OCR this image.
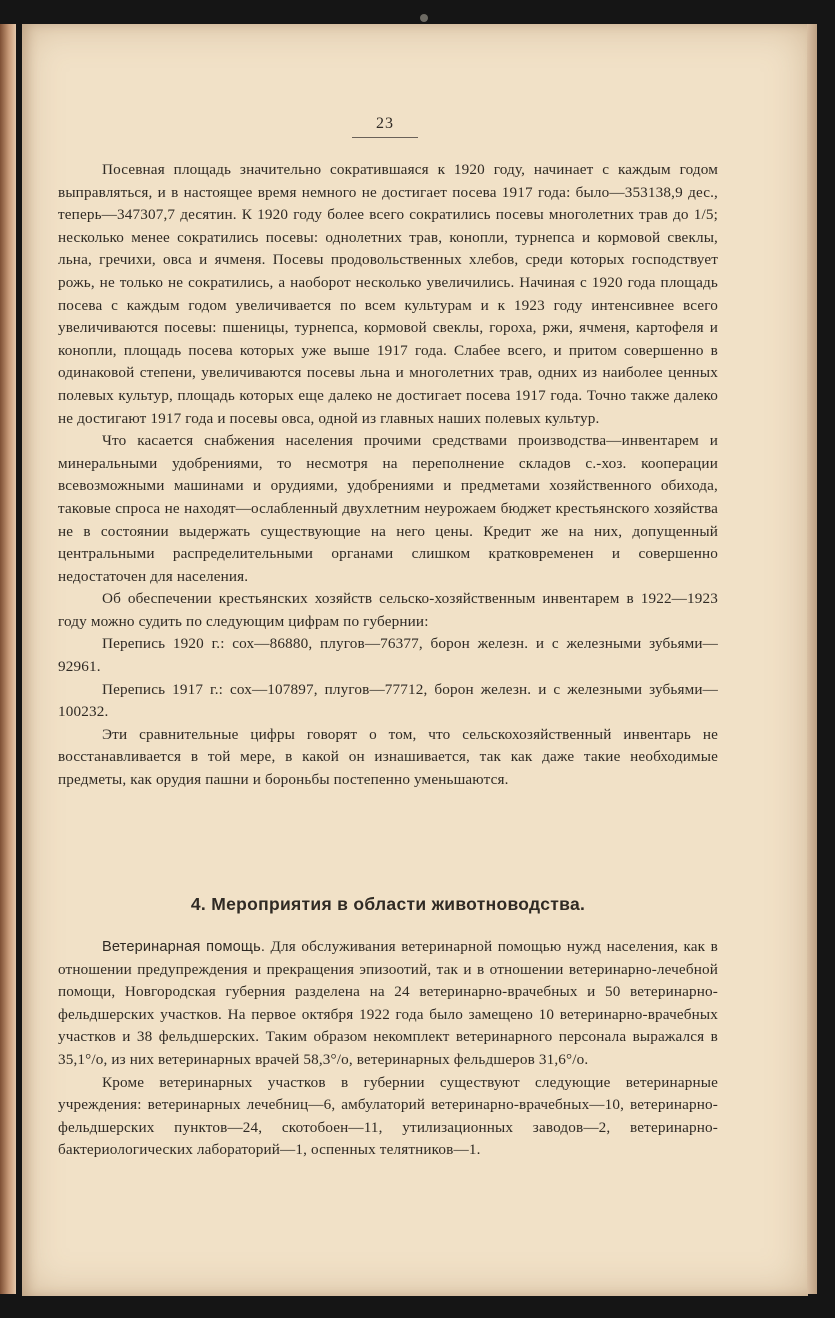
23

Посевная площадь значительно сократившаяся к 1920 году, начинает с каждым годом выправляться, и в настоящее время немного не достигает посева 1917 года: было—353138,9 дес., теперь—347307,7 десятин. К 1920 году более всего сократились посевы многолетних трав до 1/5; несколько менее сократились посевы: однолетних трав, конопли, турнепса и кормовой свеклы, льна, гречихи, овса и ячменя. Посевы продовольственных хлебов, среди которых господствует рожь, не только не сократились, а наоборот несколько увеличились. Начиная с 1920 года площадь посева с каждым годом увеличивается по всем культурам и к 1923 году интенсивнее всего увеличиваются посевы: пшеницы, турнепса, кормовой свеклы, гороха, ржи, ячменя, картофеля и конопли, площадь посева которых уже выше 1917 года. Слабее всего, и притом совершенно в одинаковой степени, увеличиваются посевы льна и многолетних трав, одних из наиболее ценных полевых культур, площадь которых еще далеко не достигает посева 1917 года. Точно также далеко не достигают 1917 года и посевы овса, одной из главных наших полевых культур.

Что касается снабжения населения прочими средствами производства—инвентарем и минеральными удобрениями, то несмотря на переполнение складов с.-хоз. кооперации всевозможными машинами и орудиями, удобрениями и предметами хозяйственного обихода, таковые спроса не находят—ослабленный двухлетним неурожаем бюджет крестьянского хозяйства не в состоянии выдержать существующие на него цены. Кредит же на них, допущенный центральными распределительными органами слишком кратковременен и совершенно недостаточен для населения.

Об обеспечении крестьянских хозяйств сельско-хозяйственным инвентарем в 1922—1923 году можно судить по следующим цифрам по губернии:

Перепись 1920 г.: сох—86880, плугов—76377, борон железн. и с железными зубьями—92961.

Перепись 1917 г.: сох—107897, плугов—77712, борон железн. и с железными зубьями—100232.

Эти сравнительные цифры говорят о том, что сельскохозяйственный инвентарь не восстанавливается в той мере, в какой он изнашивается, так как даже такие необходимые предметы, как орудия пашни и бороньбы постепенно уменьшаются.

4. Мероприятия в области животноводства.

Ветеринарная помощь. Для обслуживания ветеринарной помощью нужд населения, как в отношении предупреждения и прекращения эпизоотий, так и в отношении ветеринарно-лечебной помощи, Новгородская губерния разделена на 24 ветеринарно-врачебных и 50 ветеринарно-фельдшерских участков. На первое октября 1922 года было замещено 10 ветеринарно-врачебных участков и 38 фельдшерских. Таким образом некомплект ветеринарного персонала выражался в 35,1°/о, из них ветеринарных врачей 58,3°/о, ветеринарных фельдшеров 31,6°/о.

Кроме ветеринарных участков в губернии существуют следующие ветеринарные учреждения: ветеринарных лечебниц—6, амбулаторий ветеринарно-врачебных—10, ветеринарно-фельдшерских пунктов—24, скотобоен—11, утилизационных заводов—2, ветеринарно-бактериологических лабораторий—1, оспенных телятников—1.
